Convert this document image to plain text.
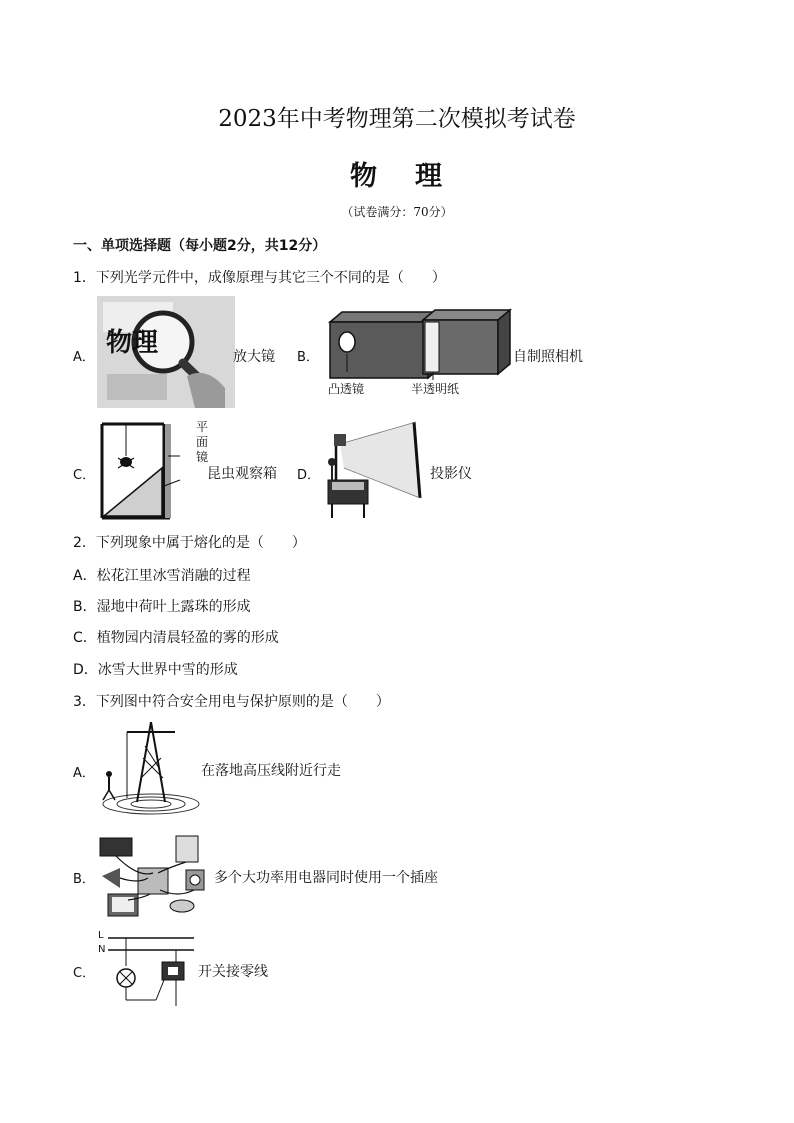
2023年中考物理第二次模拟考试卷
物 理
（试卷满分：70分）
一、单项选择题（每小题2分，共12分）
1．下列光学元件中，成像原理与其它三个不同的是（　　）
A． 物理	放大镜 B．
凸透镜	半透明纸
自制照相机
C．
平
面
镜
昆虫观察箱 D．	投影仪
2．下列现象中属于熔化的是（　　）
A．松花江里冰雪消融的过程
B．湿地中荷叶上露珠的形成
C．植物园内清晨轻盈的雾的形成
D．冰雪大世界中雪的形成
3．下列图中符合安全用电与保护原则的是（　　）
A．	在落地高压线附近行走
B．	多个大功率用电器同时使用一个插座
C．
L
N
开关接零线
